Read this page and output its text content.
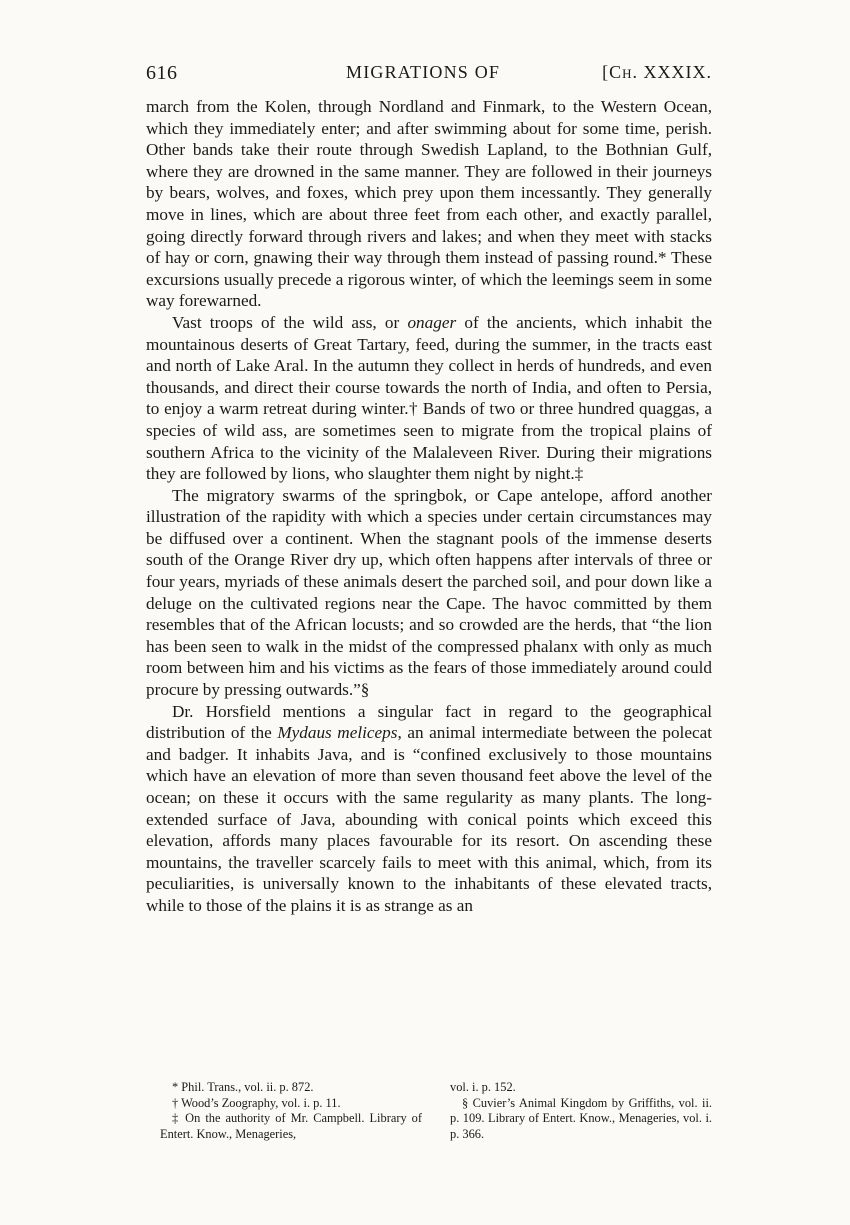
616	MIGRATIONS OF	[Ch. XXXIX.

march from the Kolen, through Nordland and Finmark, to the Western Ocean, which they immediately enter; and after swimming about for some time, perish. Other bands take their route through Swedish Lapland, to the Bothnian Gulf, where they are drowned in the same manner. They are followed in their journeys by bears, wolves, and foxes, which prey upon them incessantly. They generally move in lines, which are about three feet from each other, and exactly parallel, going directly forward through rivers and lakes; and when they meet with stacks of hay or corn, gnawing their way through them instead of passing round.* These excursions usually precede a rigorous winter, of which the leemings seem in some way forewarned.

Vast troops of the wild ass, or onager of the ancients, which inhabit the mountainous deserts of Great Tartary, feed, during the summer, in the tracts east and north of Lake Aral. In the autumn they collect in herds of hundreds, and even thousands, and direct their course towards the north of India, and often to Persia, to enjoy a warm retreat during winter.† Bands of two or three hundred quaggas, a species of wild ass, are sometimes seen to migrate from the tropical plains of southern Africa to the vicinity of the Malaleveen River. During their migrations they are followed by lions, who slaughter them night by night.‡

The migratory swarms of the springbok, or Cape antelope, afford another illustration of the rapidity with which a species under certain circumstances may be diffused over a continent. When the stagnant pools of the immense deserts south of the Orange River dry up, which often happens after intervals of three or four years, myriads of these animals desert the parched soil, and pour down like a deluge on the cultivated regions near the Cape. The havoc committed by them resembles that of the African locusts; and so crowded are the herds, that “the lion has been seen to walk in the midst of the compressed phalanx with only as much room between him and his victims as the fears of those immediately around could procure by pressing outwards.”§

Dr. Horsfield mentions a singular fact in regard to the geographical distribution of the Mydaus meliceps, an animal intermediate between the polecat and badger. It inhabits Java, and is “confined exclusively to those mountains which have an elevation of more than seven thousand feet above the level of the ocean; on these it occurs with the same regularity as many plants. The long-extended surface of Java, abounding with conical points which exceed this elevation, affords many places favourable for its resort. On ascending these mountains, the traveller scarcely fails to meet with this animal, which, from its peculiarities, is universally known to the inhabitants of these elevated tracts, while to those of the plains it is as strange as an

* Phil. Trans., vol. ii. p. 872.

† Wood’s Zoography, vol. i. p. 11.

‡ On the authority of Mr. Campbell. Library of Entert. Know., Menageries,

vol. i. p. 152.

§ Cuvier’s Animal Kingdom by Griffiths, vol. ii. p. 109. Library of Entert. Know., Menageries, vol. i. p. 366.
